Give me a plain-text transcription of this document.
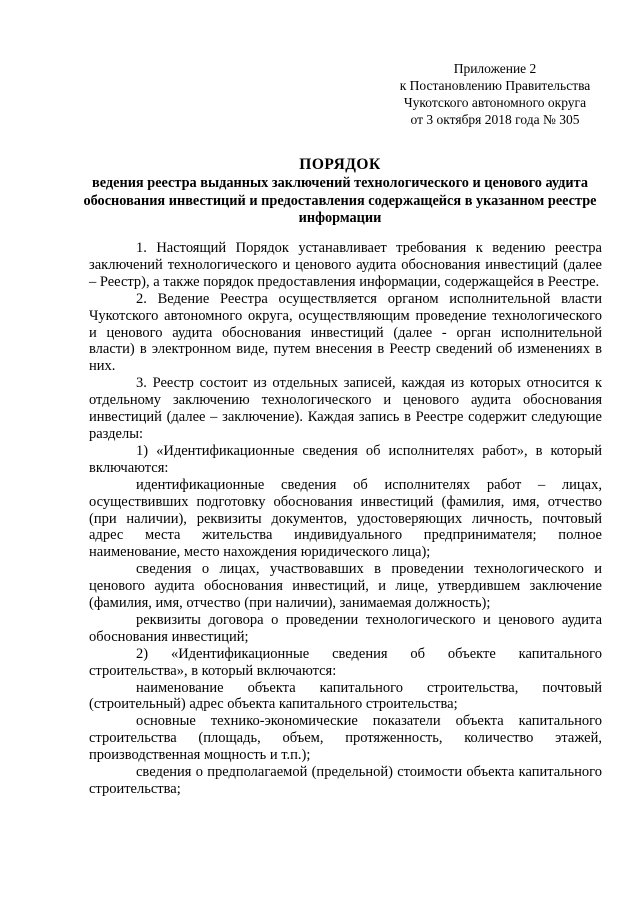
Приложение 2
к Постановлению Правительства
Чукотского автономного округа
от 3 октября 2018 года № 305
ПОРЯДОК
ведения реестра выданных заключений технологического и ценового аудита обоснования инвестиций и предоставления содержащейся в указанном реестре информации

1. Настоящий Порядок устанавливает требования к ведению реестра заключений технологического и ценового аудита обоснования инвестиций (далее – Реестр), а также порядок предоставления информации, содержащейся в Реестре.

2. Ведение Реестра осуществляется органом исполнительной власти Чукотского автономного округа, осуществляющим проведение технологического и ценового аудита обоснования инвестиций (далее - орган исполнительной власти) в электронном виде, путем внесения в Реестр сведений об изменениях в них.

3. Реестр состоит из отдельных записей, каждая из которых относится к отдельному заключению технологического и ценового аудита обоснования инвестиций (далее – заключение). Каждая запись в Реестре содержит следующие разделы:

1) «Идентификационные сведения об исполнителях работ», в который включаются:

идентификационные сведения об исполнителях работ – лицах, осуществивших подготовку обоснования инвестиций (фамилия, имя, отчество (при наличии), реквизиты документов, удостоверяющих личность, почтовый адрес места жительства индивидуального предпринимателя; полное наименование, место нахождения юридического лица);

сведения о лицах, участвовавших в проведении технологического и ценового аудита обоснования инвестиций, и лице, утвердившем заключение (фамилия, имя, отчество (при наличии), занимаемая должность);

реквизиты договора о проведении технологического и ценового аудита обоснования инвестиций;

2) «Идентификационные сведения об объекте капитального строительства», в который включаются:

наименование объекта капитального строительства, почтовый (строительный) адрес объекта капитального строительства;

основные технико-экономические показатели объекта капитального строительства (площадь, объем, протяженность, количество этажей, производственная мощность и т.п.);

сведения о предполагаемой (предельной) стоимости объекта капитального строительства;
